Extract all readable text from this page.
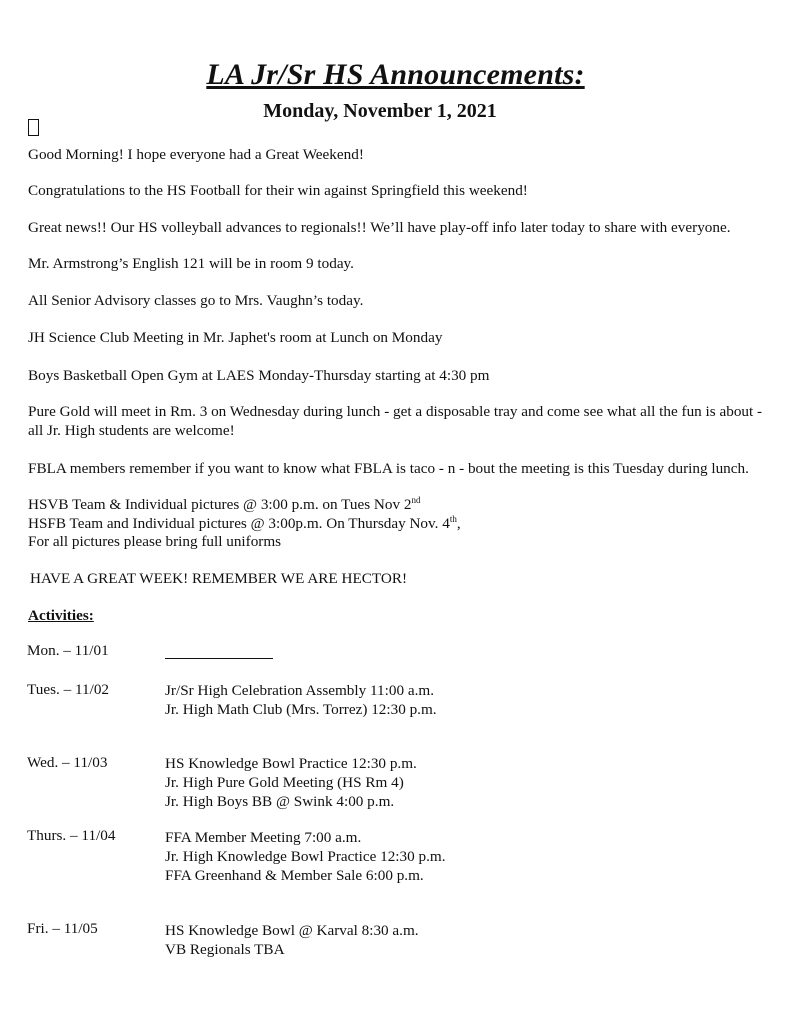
LA Jr/Sr HS Announcements:
Monday, November 1, 2021
Good Morning! I hope everyone had a Great Weekend!
Congratulations to the HS Football for their win against Springfield this weekend!
Great news!! Our HS volleyball advances to regionals!! We’ll have play-off info later today to share with everyone.
Mr. Armstrong’s English 121 will be in room 9 today.
All Senior Advisory classes go to Mrs. Vaughn’s today.
JH Science Club Meeting in Mr. Japhet's room at Lunch on Monday
Boys Basketball Open Gym at LAES Monday-Thursday starting at 4:30 pm
Pure Gold will meet in Rm. 3 on Wednesday during lunch - get a disposable tray and come see what all the fun is about - all Jr. High students are welcome!
FBLA members remember if you want to know what FBLA is taco - n - bout the meeting is this Tuesday during lunch.
HSVB Team & Individual pictures @ 3:00 p.m. on Tues Nov 2nd
HSFB Team and Individual pictures @ 3:00p.m. On Thursday Nov. 4th,
For all pictures please bring full uniforms
HAVE A GREAT WEEK! REMEMBER WE ARE HECTOR!
Activities:
Mon. – 11/01
Tues. – 11/02	Jr/Sr High Celebration Assembly 11:00 a.m.
Jr. High Math Club (Mrs. Torrez) 12:30 p.m.
Wed. – 11/03	HS Knowledge Bowl Practice 12:30 p.m.
Jr. High Pure Gold Meeting (HS Rm 4)
Jr. High Boys BB @ Swink 4:00 p.m.
Thurs. – 11/04	FFA Member Meeting 7:00 a.m.
Jr. High Knowledge Bowl Practice 12:30 p.m.
FFA Greenhand & Member Sale 6:00 p.m.
Fri. – 11/05	HS Knowledge Bowl @ Karval 8:30 a.m.
VB Regionals TBA
